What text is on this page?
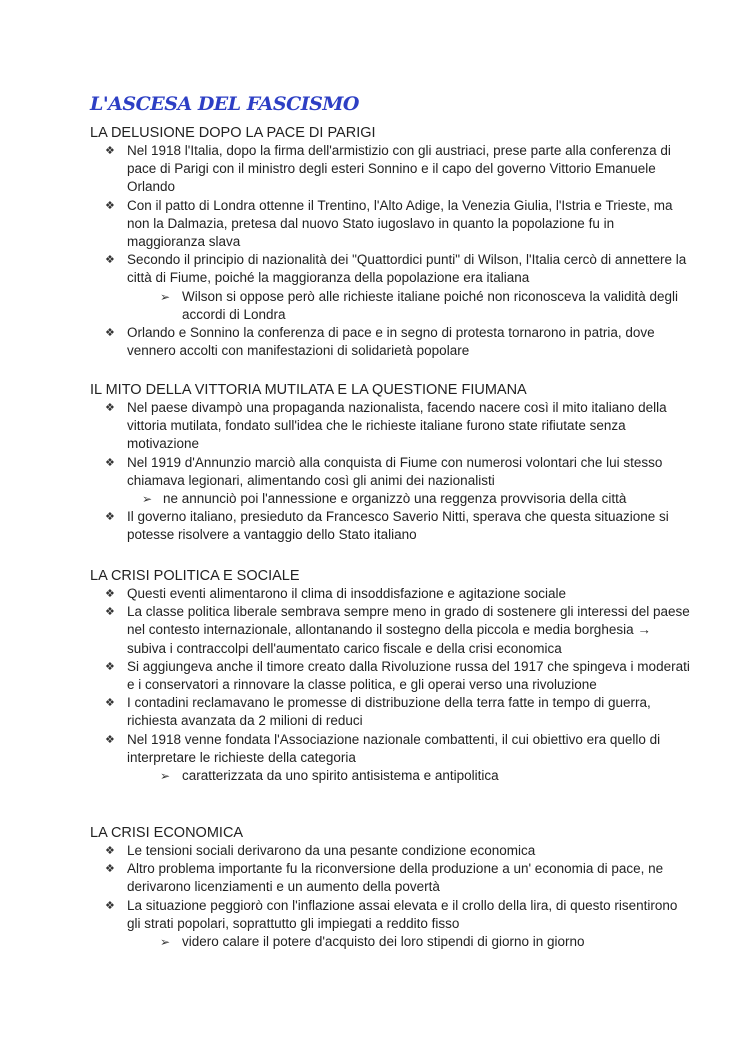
L'ASCESA DEL FASCISMO
LA DELUSIONE DOPO LA PACE DI PARIGI
❖ Nel 1918 l'Italia, dopo la firma dell'armistizio con gli austriaci, prese parte alla conferenza di pace di Parigi con il ministro degli esteri Sonnino e il capo del governo Vittorio Emanuele Orlando
❖ Con il patto di Londra ottenne il Trentino, l'Alto Adige, la Venezia Giulia, l'Istria e Trieste, ma non la Dalmazia, pretesa dal nuovo Stato iugoslavo in quanto la popolazione fu in maggioranza slava
❖ Secondo il principio di nazionalità dei "Quattordici punti" di Wilson, l'Italia cercò di annettere la città di Fiume, poiché la maggioranza della popolazione era italiana
➢ Wilson si oppose però alle richieste italiane poiché non riconosceva la validità degli accordi di Londra
❖ Orlando e Sonnino la conferenza di pace e in segno di protesta tornarono in patria, dove vennero accolti con manifestazioni di solidarietà popolare
IL MITO DELLA VITTORIA MUTILATA E LA QUESTIONE FIUMANA
❖ Nel paese divampò una propaganda nazionalista, facendo nacere così il mito italiano della vittoria mutilata, fondato sull'idea che le richieste italiane furono state rifiutate senza motivazione
❖ Nel 1919 d'Annunzio marciò alla conquista di Fiume con numerosi volontari che lui stesso chiamava legionari, alimentando così gli animi dei nazionalisti
➢ ne annunciò poi l'annessione e organizzò una reggenza provvisoria della città
❖ Il governo italiano, presieduto da Francesco Saverio Nitti, sperava che questa situazione si potesse risolvere a vantaggio dello Stato italiano
LA CRISI POLITICA E SOCIALE
❖ Questi eventi alimentarono il clima di insoddisfazione e agitazione sociale
❖ La classe politica liberale sembrava sempre meno in grado di sostenere gli interessi del paese nel contesto internazionale, allontanando il sostegno della piccola e media borghesia → subiva i contraccolpi dell'aumentato carico fiscale e della crisi economica
❖ Si aggiungeva anche il timore creato dalla Rivoluzione russa del 1917 che spingeva i moderati e i conservatori a rinnovare la classe politica, e gli operai verso una rivoluzione
❖ I contadini reclamavano le promesse di distribuzione della terra fatte in tempo di guerra, richiesta avanzata da 2 milioni di reduci
❖ Nel 1918 venne fondata l'Associazione nazionale combattenti, il cui obiettivo era quello di interpretare le richieste della categoria
➢ caratterizzata da uno spirito antisistema e antipolitica
LA CRISI ECONOMICA
❖ Le tensioni sociali derivarono da una pesante condizione economica
❖ Altro problema importante fu la riconversione della produzione a un' economia di pace, ne derivarono licenziamenti e un aumento della povertà
❖ La situazione peggiorò con l'inflazione assai elevata e il crollo della lira, di questo risentirono gli strati popolari, soprattutto gli impiegati a reddito fisso
➢ videro calare il potere d'acquisto dei loro stipendi di giorno in giorno
